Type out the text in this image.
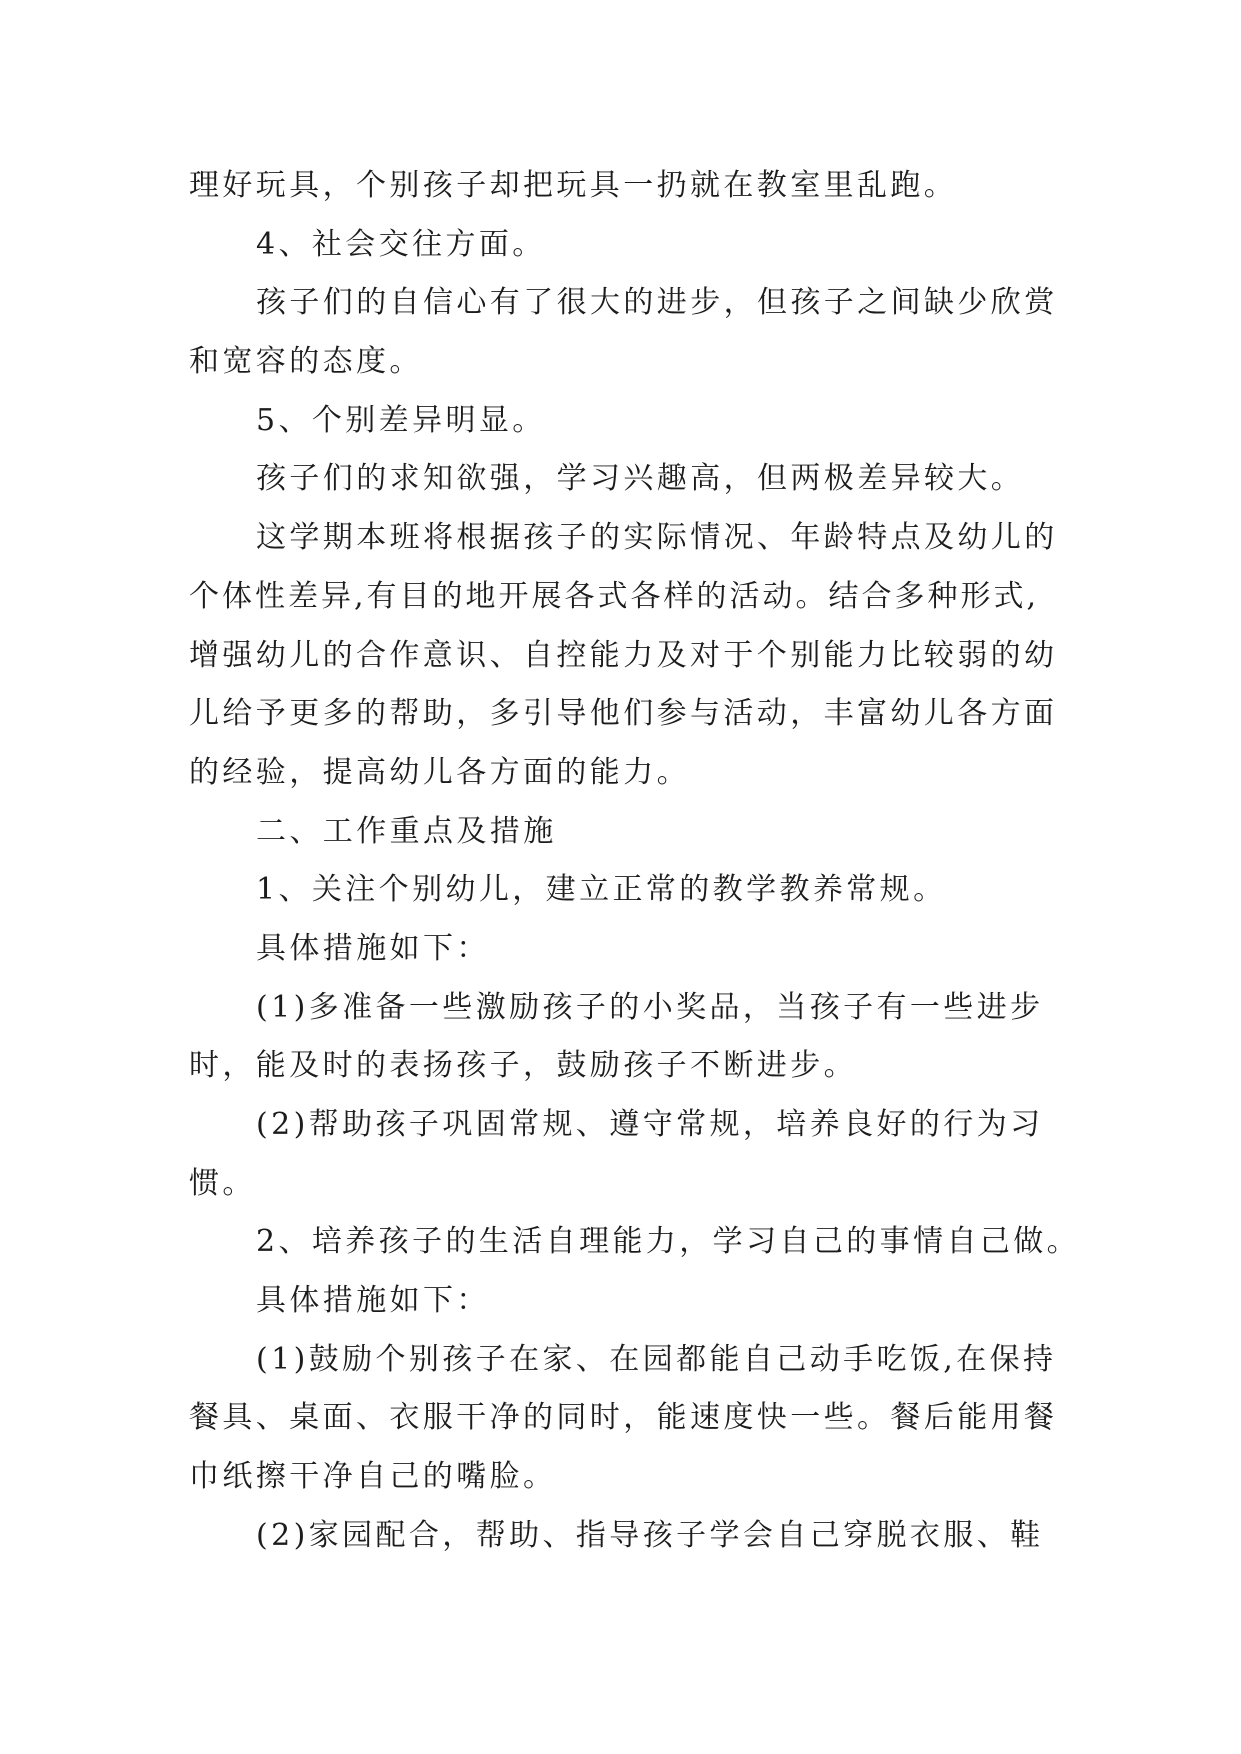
理好玩具，个别孩子却把玩具一扔就在教室里乱跑。
4、社会交往方面。
孩子们的自信心有了很大的进步，但孩子之间缺少欣赏
和宽容的态度。
5、个别差异明显。
孩子们的求知欲强，学习兴趣高，但两极差异较大。
这学期本班将根据孩子的实际情况、年龄特点及幼儿的
个体性差异,有目的地开展各式各样的活动。结合多种形式,
增强幼儿的合作意识、自控能力及对于个别能力比较弱的幼
儿给予更多的帮助，多引导他们参与活动，丰富幼儿各方面
的经验，提高幼儿各方面的能力。
二、工作重点及措施
1、关注个别幼儿，建立正常的教学教养常规。
具体措施如下：
(1)多准备一些激励孩子的小奖品，当孩子有一些进步
时，能及时的表扬孩子，鼓励孩子不断进步。
(2)帮助孩子巩固常规、遵守常规，培养良好的行为习
惯。
2、培养孩子的生活自理能力，学习自己的事情自己做。
具体措施如下：
(1)鼓励个别孩子在家、在园都能自己动手吃饭,在保持
餐具、桌面、衣服干净的同时，能速度快一些。餐后能用餐
巾纸擦干净自己的嘴脸。
(2)家园配合，帮助、指导孩子学会自己穿脱衣服、鞋
